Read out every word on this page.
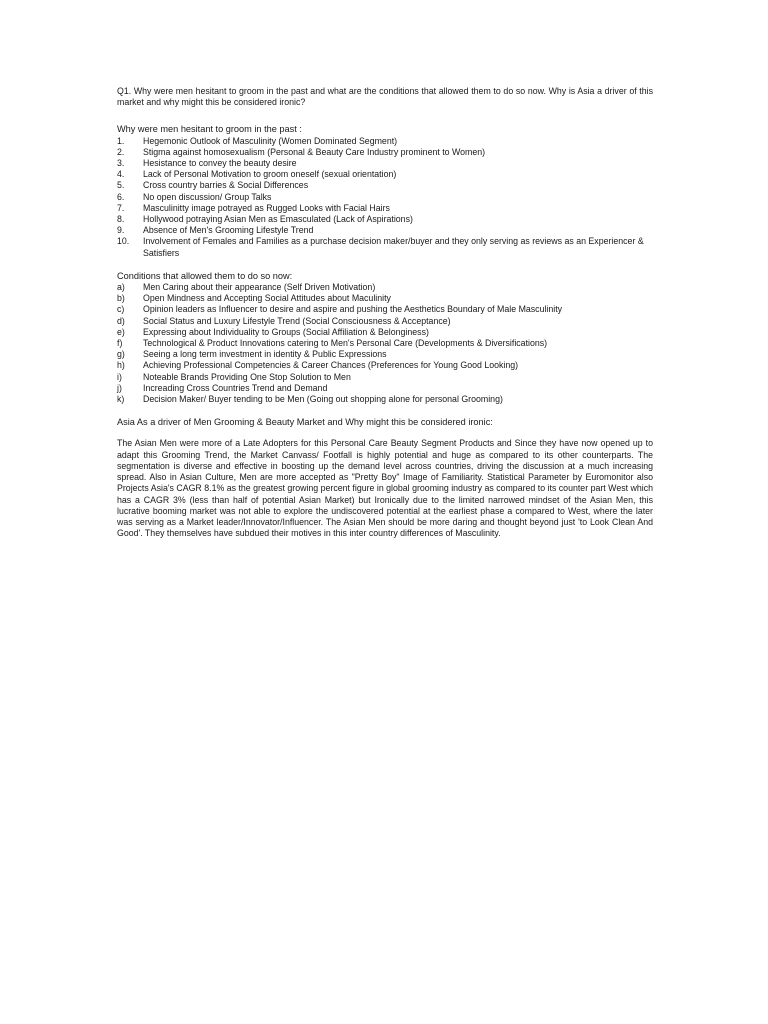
Q1. Why were men hesitant to groom in the past and what are the conditions that allowed them to do so now. Why is Asia a driver of this market and why might this be considered ironic?

Why were men hesitant to groom in the past :

1.	Hegemonic Outlook of Masculinity (Women Dominated Segment)
2.	Stigma against homosexualism (Personal & Beauty Care Industry prominent to Women)
3.	Hesistance to convey the beauty desire
4.	Lack of Personal Motivation to groom oneself (sexual orientation)
5.	Cross country barries & Social Differences
6.	No open discussion/ Group Talks
7.	Masculinitty image potrayed as Rugged Looks with Facial Hairs
8.	Hollywood potraying Asian Men as Emasculated (Lack of Aspirations)
9.	Absence of Men's Grooming Lifestyle Trend
10.	Involvement of Females and Families as a purchase decision maker/buyer and they only serving as reviews as an Experiencer & Satisfiers

Conditions that allowed them to do so now:

a)	Men Caring about their appearance (Self Driven Motivation)
b)	Open Mindness and Accepting Social Attitudes about Maculinity
c)	Opinion leaders as Influencer to desire and aspire and pushing the Aesthetics Boundary of Male Masculinity
d)	Social Status and Luxury Lifestyle Trend (Social Consciousness & Acceptance)
e)	Expressing about Individuality to Groups (Social Affiliation & Belonginess)
f)	Technological & Product Innovations catering to Men's Personal Care (Developments & Diversifications)
g)	Seeing a long term investment in identity & Public Expressions
h)	Achieving Professional Competencies & Career Chances (Preferences for Young Good Looking)
i)	Noteable Brands Providing One Stop Solution to Men
j)	Increading Cross Countries Trend and Demand
k)	Decision Maker/ Buyer tending to be Men (Going out shopping alone for personal Grooming)

Asia As a driver of Men Grooming & Beauty Market and Why might this be considered ironic:

The Asian Men were more of a Late Adopters for this Personal Care Beauty Segment Products and Since they have now opened up to adapt this Grooming Trend, the Market Canvass/ Footfall is highly potential and huge as compared to its other counterparts. The segmentation is diverse and effective in boosting up the demand level across countries, driving the discussion at a much increasing spread. Also in Asian Culture, Men are more accepted as "Pretty Boy" Image of Familiarity. Statistical Parameter by Euromonitor also Projects Asia's CAGR 8.1% as the greatest growing percent figure in global grooming industry as compared to its counter part West which has a CAGR 3% (less than half of potential Asian Market) but Ironically due to the limited narrowed mindset of the Asian Men, this lucrative booming market was not able to explore the undiscovered potential at the earliest phase a compared to West, where the later was serving as a Market leader/Innovator/Influencer. The Asian Men should be more daring and thought beyond just 'to Look Clean And Good'. They themselves have subdued their motives in this inter country differences of Masculinity.
